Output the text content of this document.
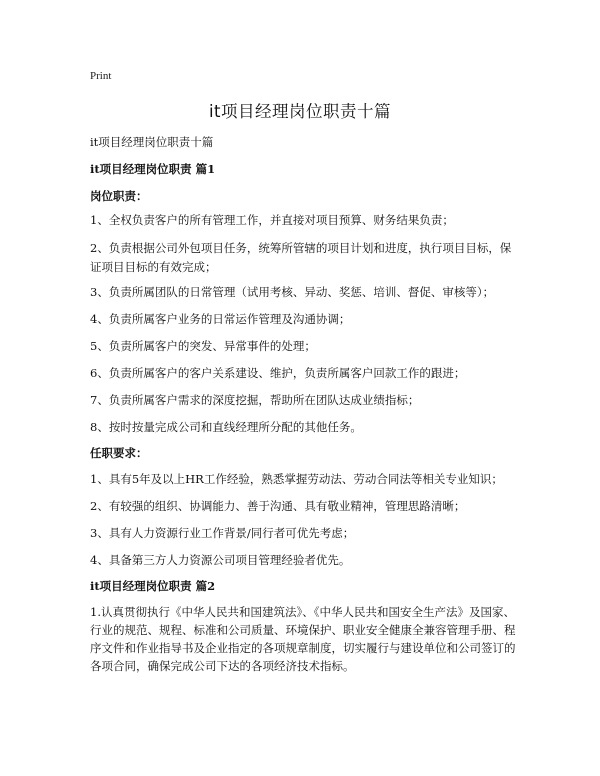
Print
it项目经理岗位职责十篇
it项目经理岗位职责十篇
it项目经理岗位职责 篇1
岗位职责：
1、全权负责客户的所有管理工作，并直接对项目预算、财务结果负责；
2、负责根据公司外包项目任务，统筹所管辖的项目计划和进度，执行项目目标，保证项目目标的有效完成；
3、负责所属团队的日常管理（试用考核、异动、奖惩、培训、督促、审核等）；
4、负责所属客户业务的日常运作管理及沟通协调；
5、负责所属客户的突发、异常事件的处理；
6、负责所属客户的客户关系建设、维护，负责所属客户回款工作的跟进；
7、负责所属客户需求的深度挖掘，帮助所在团队达成业绩指标；
8、按时按量完成公司和直线经理所分配的其他任务。
任职要求：
1、具有5年及以上HR工作经验，熟悉掌握劳动法、劳动合同法等相关专业知识；
2、有较强的组织、协调能力、善于沟通、具有敬业精神，管理思路清晰；
3、具有人力资源行业工作背景/同行者可优先考虑；
4、具备第三方人力资源公司项目管理经验者优先。
it项目经理岗位职责 篇2
1.认真贯彻执行《中华人民共和国建筑法》、《中华人民共和国安全生产法》及国家、行业的规范、规程、标准和公司质量、环境保护、职业安全健康全兼容管理手册、程序文件和作业指导书及企业指定的各项规章制度，切实履行与建设单位和公司签订的各项合同，确保完成公司下达的各项经济技术指标。
